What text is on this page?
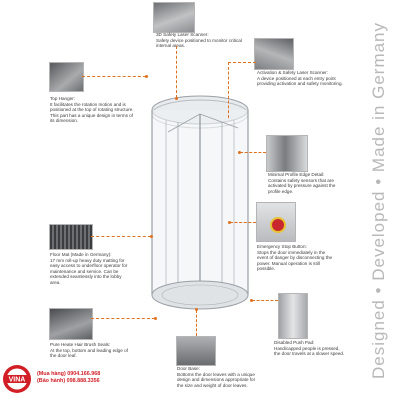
3D Safety Laser Scanner:
Safety device positioned to monitor critical internal areas.
Activation & Safety Laser Scanner:
A device positioned at each entry point providing activation and safety monitoring.
Top Hanger:
It facilitates the rotation motion and is positioned at the top of rotating structure. This part has a unique design in terms of its dimension.
Minimal Profile Edge Detail:
Contains safety sensors that are activated by pressure against the profile edge.
Floor Mat (Made in Germany):
17 mm roll-up heavy duty matting for easy access to underfloor operator for maintenance and service. Can be extended seamlessly into the lobby area.
Emergency Stop Button:
Stops the door immediately in the event of danger by disconnecting the power. Manual operation is still possible.
Pure Heate Hair Brush Seals:
At the top, bottom and leading edge of the door leaf.
Disabled Push Pad:
Handicapped people is pressed, the door travels at a slower speed.
Door Base:
Bottoms the door leaves with a unique design and dimensions appropriate for the size and weight of door leaves.
Designed • Developed • Made in Germany
VINA
(Mua hàng) 0904.166.968
(Bảo hành) 098.888.3356
